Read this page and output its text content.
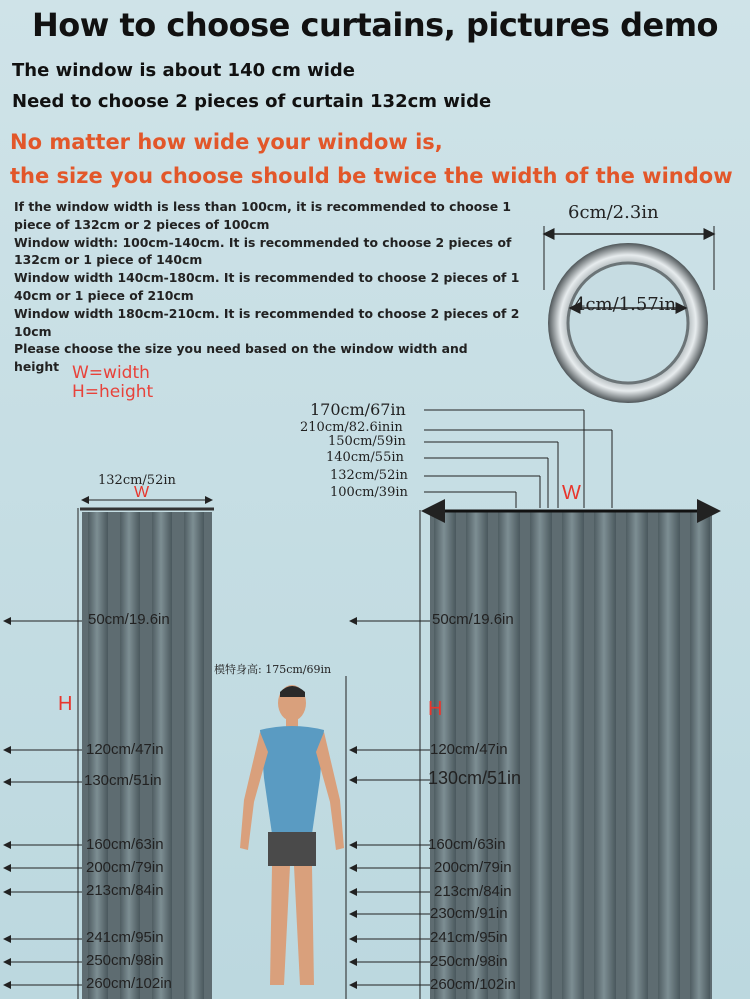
How to choose curtains, pictures demo
The window is about 140 cm wide
Need to choose 2 pieces of curtain 132cm wide
No matter how wide your window is,
the size you choose should be twice the width of the window
If the window width is less than 100cm, it is recommended to choose 1 piece of 132cm or 2 pieces of 100cm
Window width: 100cm-140cm. It is recommended to choose 2 pieces of 132cm or 1 piece of 140cm
Window width 140cm-180cm. It is recommended to choose 2 pieces of 1 40cm or 1 piece of 210cm
Window width 180cm-210cm. It is recommended to choose 2 pieces of 2 10cm
Please choose the size you need based on the window width and height W=width
H=height
6cm/2.3in
4cm/1.57in
132cm/52in
W
H
170cm/67in
210cm/82.6inin
150cm/59in
140cm/55in
132cm/52in
100cm/39in	W
H
模特身高: 175cm/69in
50cm/19.6in
120cm/47in
130cm/51in
160cm/63in
200cm/79in
213cm/84in
241cm/95in
250cm/98in
260cm/102in
50cm/19.6in
120cm/47in
130cm/51in
160cm/63in
200cm/79in
213cm/84in
230cm/91in
241cm/95in
250cm/98in
260cm/102in
